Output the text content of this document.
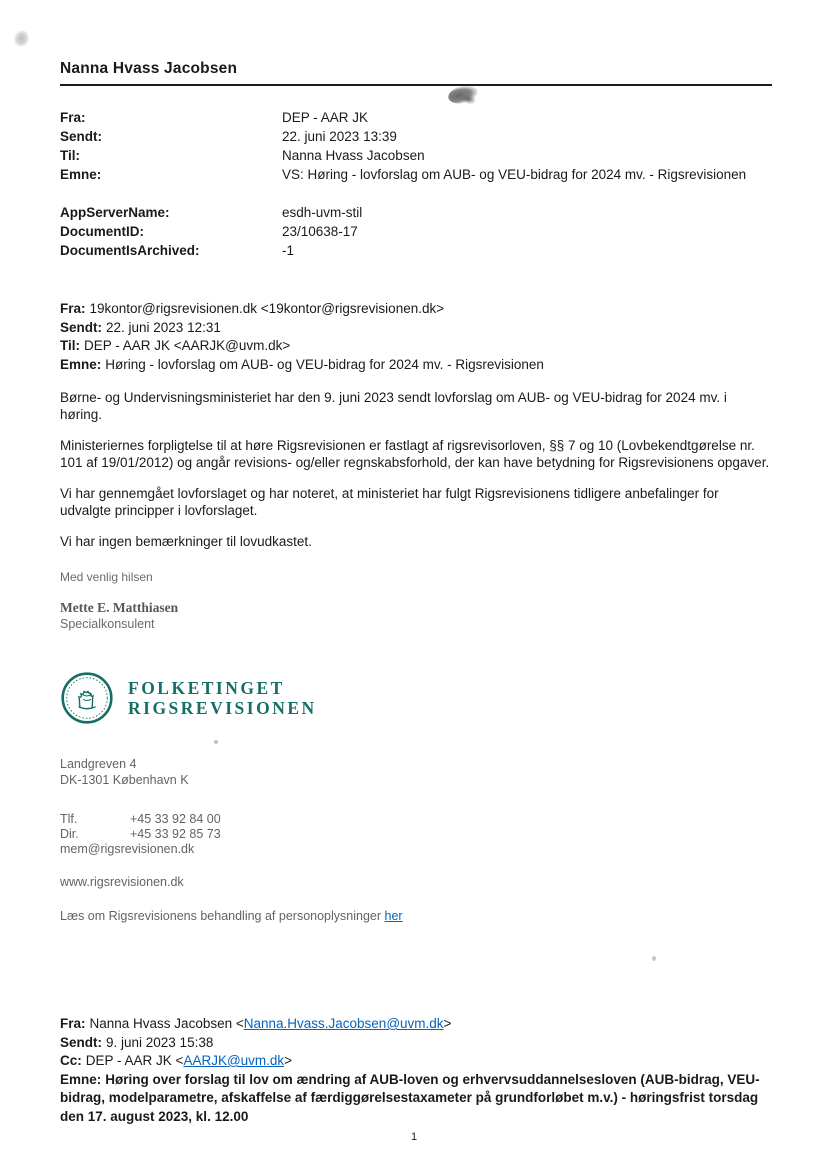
Nanna Hvass Jacobsen
Fra:	DEP - AAR JK
Sendt:	22. juni 2023 13:39
Til:	Nanna Hvass Jacobsen
Emne:	VS: Høring - lovforslag om AUB- og VEU-bidrag for 2024 mv. - Rigsrevisionen
AppServerName:	esdh-uvm-stil
DocumentID:	23/10638-17
DocumentIsArchived:	-1
Fra: 19kontor@rigsrevisionen.dk <19kontor@rigsrevisionen.dk>
Sendt: 22. juni 2023 12:31
Til: DEP - AAR JK <AARJK@uvm.dk>
Emne: Høring - lovforslag om AUB- og VEU-bidrag for 2024 mv. - Rigsrevisionen

Børne- og Undervisningsministeriet har den 9. juni 2023 sendt lovforslag om AUB- og VEU-bidrag for 2024 mv. i høring.

Ministeriernes forpligtelse til at høre Rigsrevisionen er fastlagt af rigsrevisorloven, §§ 7 og 10 (Lovbekendtgørelse nr. 101 af 19/01/2012) og angår revisions- og/eller regnskabsforhold, der kan have betydning for Rigsrevisionens opgaver.

Vi har gennemgået lovforslaget og har noteret, at ministeriet har fulgt Rigsrevisionens tidligere anbefalinger for udvalgte principper i lovforslaget.

Vi har ingen bemærkninger til lovudkastet.

Med venlig hilsen
Mette E. Matthiasen
Specialkonsulent
FOLKETINGET
RIGSREVISIONEN
Landgreven 4
DK-1301 København K
Tlf.	+45 33 92 84 00
Dir.	+45 33 92 85 73
mem@rigsrevisionen.dk
www.rigsrevisionen.dk
Læs om Rigsrevisionens behandling af personoplysninger her
Fra: Nanna Hvass Jacobsen <Nanna.Hvass.Jacobsen@uvm.dk>
Sendt: 9. juni 2023 15:38
Cc: DEP - AAR JK <AARJK@uvm.dk>
Emne: Høring over forslag til lov om ændring af AUB-loven og erhvervsuddannelsesloven (AUB-bidrag, VEU-bidrag, modelparametre, afskaffelse af færdiggørelsestaxameter på grundforløbet m.v.) - høringsfrist torsdag den 17. august 2023, kl. 12.00
1
